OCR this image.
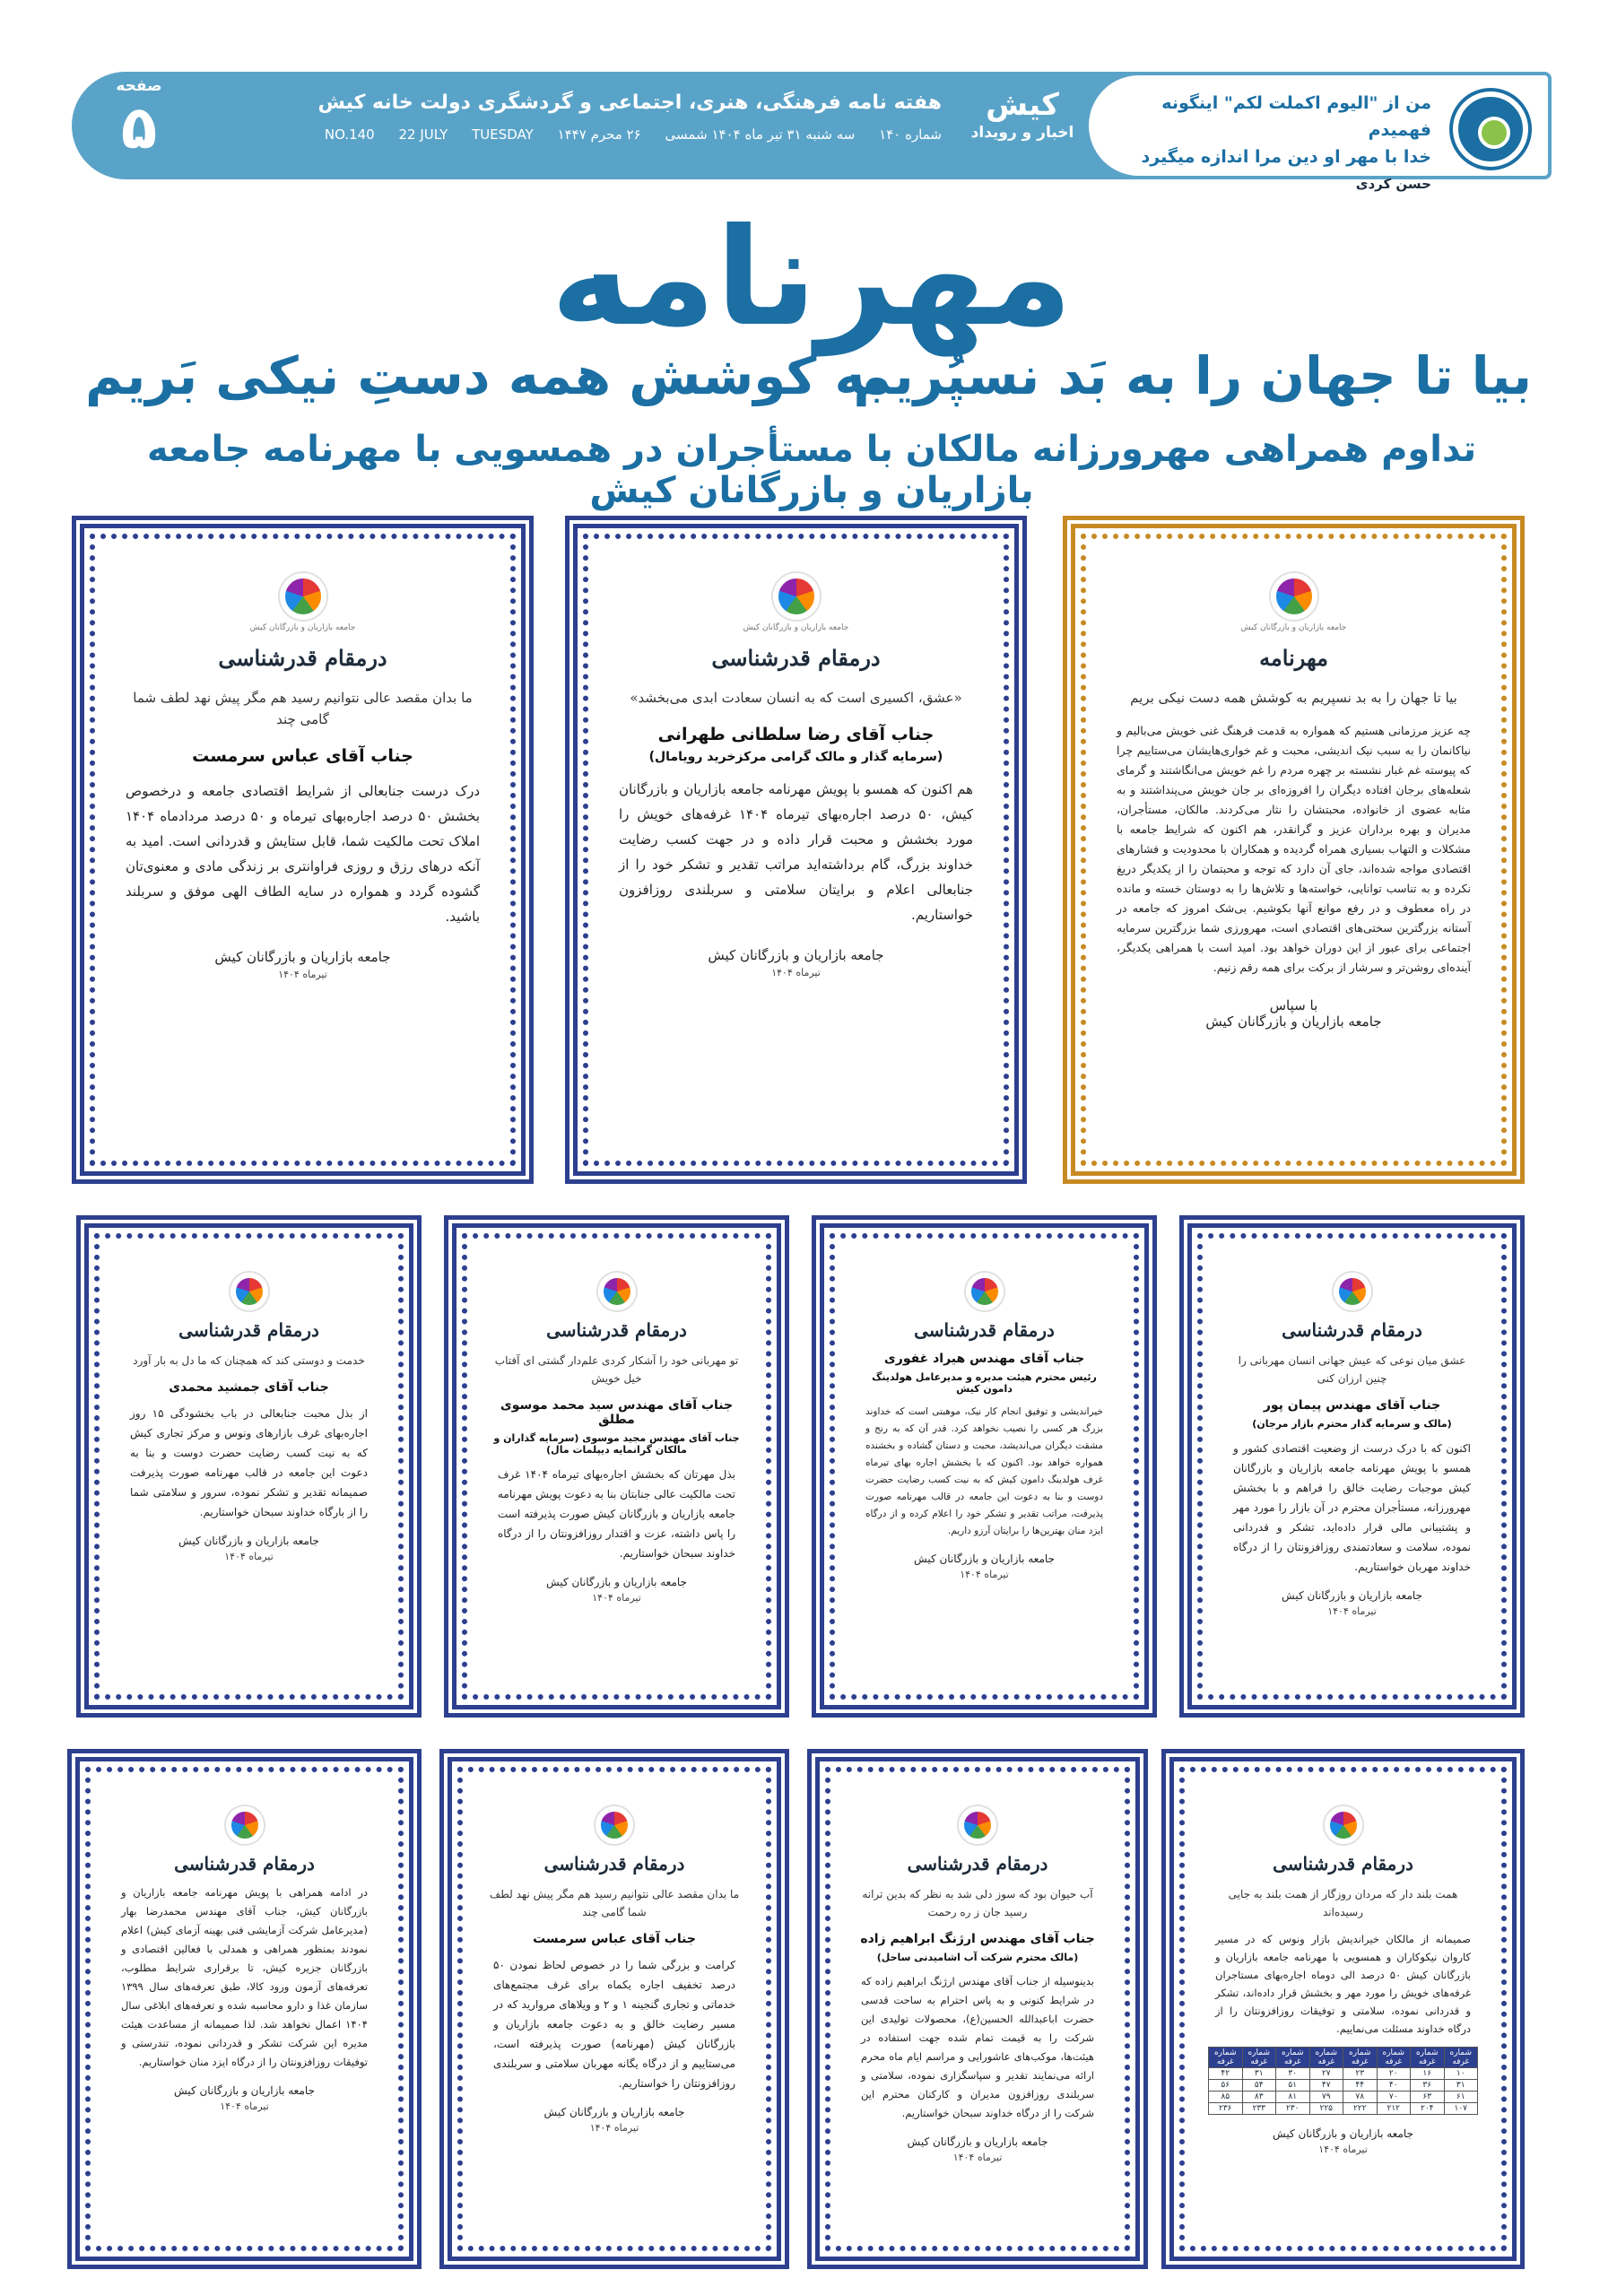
من از "الیوم اکملت لکم" اینگونه فهمیدم
خدا با مهر او دین مرا اندازه میگیرد
حسن کردی
کیش
اخبار و رویداد
هفته نامه فرهنگی، هنری، اجتماعی و گردشگری دولت خانه کیش
شماره ۱۴۰ سه شنبه ۳۱ تیر ماه ۱۴۰۴ شمسی ۲۶ محرم ۱۴۴۷ NO.140 22 JULY TUESDAY
صفحه
۵
مهرنامه
بیا تا جهان را به بَد نسپُریم
به کوشش همه دستِ نیکی بَریم
تداوم همراهی مهرورزانه مالکان با مستأجران در همسویی با مهرنامه جامعه بازاریان و بازرگانان کیش
جامعه بازاریان و بازرگانان کیش
مهرنامه
بیا تا جهان را به بد نسپریم به کوشش همه دست نیکی بریم
چه عزیز مرزمانی هستیم که همواره به قدمت فرهنگ غنی خویش می‌بالیم و نیاکانمان را به سبب نیک اندیشی، محبت و غم خواری‌هایشان می‌ستاییم چرا که پیوسته غم غبار نشسته بر چهره مردم را غم خویش می‌انگاشتند و گرمای شعله‌های برجان افتاده دیگران را افروزه‌ای بر جان خویش می‌پنداشتند و به مثابه عضوی از خانواده، محبتشان را نثار می‌کردند. مالکان، مستأجران، مدیران و بهره برداران عزیز و گرانقدر، هم اکنون که شرایط جامعه با مشکلات و التهاب بسیاری همراه گردیده و همکاران با محدودیت و فشارهای اقتصادی مواجه شده‌اند، جای آن دارد که توجه و محبتمان را از یکدیگر دریغ نکرده و به تناسب توانایی، خواسته‌ها و تلاش‌ها را به دوستان خسته و مانده در راه معطوف و در رفع موانع آنها بکوشیم. بی‌شک امروز که جامعه در آستانه بزرگترین سختی‌های اقتصادی است، مهرورزی شما بزرگترین سرمایه اجتماعی برای عبور از این دوران خواهد بود. امید است با همراهی یکدیگر، آینده‌ای روشن‌تر و سرشار از برکت برای همه رقم زنیم.
با سپاس
جامعه بازاریان و بازرگانان کیش
جامعه بازاریان و بازرگانان کیش
درمقام قدرشناسی
«عشق، اکسیری است که به انسان سعادت ابدی می‌بخشد»
جناب آقای رضا سلطانی طهرانی
(سرمایه گذار و مالک گرامی مرکزخرید رویامال)
هم اکنون که همسو با پویش مهرنامه جامعه بازاریان و بازرگانان کیش، ۵۰ درصد اجاره‌بهای تیرماه ۱۴۰۴ غرفه‌های خویش را مورد بخشش و محبت قرار داده و در جهت کسب رضایت خداوند بزرگ، گام برداشته‌اید مراتب تقدیر و تشکر خود را از جنابعالی اعلام و برایتان سلامتی و سربلندی روزافزون خواستاریم.
جامعه بازاریان و بازرگانان کیش
تیرماه ۱۴۰۴
جامعه بازاریان و بازرگانان کیش
درمقام قدرشناسی
ما بدان مقصد عالی نتوانیم رسید هم مگر پیش نهد لطف شما گامی چند
جناب آقای عباس سرمست
درک درست جنابعالی از شرایط اقتصادی جامعه و درخصوص بخشش ۵۰ درصد اجاره‌بهای تیرماه و ۵۰ درصد مردادماه ۱۴۰۴ املاک تحت مالکیت شما، قابل ستایش و قدردانی است. امید به آنکه درهای رزق و روزی فراوانتری بر زندگی مادی و معنوی‌تان گشوده گردد و همواره در سایه الطاف الهی موفق و سربلند باشید.
جامعه بازاریان و بازرگانان کیش
تیرماه ۱۴۰۴
درمقام قدرشناسی
عشق میان نوعی که عیش جهانی انسان مهربانی را چنین ارزان کنی
جناب آقای مهندس پیمان پور
(مالک و سرمایه گذار محترم بازار مرجان)
اکنون که با درک درست از وضعیت اقتصادی کشور و همسو با پویش مهرنامه جامعه بازاریان و بازرگانان کیش موجبات رضایت خالق را فراهم و با بخشش مهرورزانه، مستأجران محترم در آن بازار را مورد مهر و پشتیبانی مالی قرار داده‌اید، تشکر و قدردانی نموده، سلامت و سعادتمندی روزافزونتان را از درگاه خداوند مهربان خواستاریم.
جامعه بازاریان و بازرگانان کیش
تیرماه ۱۴۰۴
درمقام قدرشناسی
جناب آقای مهندس هیراد غفوری
رئیس محترم هیئت مدیره و مدیرعامل هولدینگ دامون کیش
خیراندیشی و توفیق انجام کار نیک، موهبتی است که خداوند بزرگ هر کسی را نصیب نخواهد کرد. قدر آن که به رنج و مشقت دیگران می‌اندیشد، محبت و دستان گشاده و بخشنده همواره خواهد بود. اکنون که با بخشش اجاره بهای تیرماه غرف هولدینگ دامون کیش که به نیت کسب رضایت حضرت دوست و بنا به دعوت این جامعه در قالب مهرنامه صورت پذیرفت، مراتب تقدیر و تشکر خود را اعلام کرده و از درگاه ایزد منان بهترین‌ها را برایتان آرزو داریم.
جامعه بازاریان و بازرگانان کیش
تیرماه ۱۴۰۴
درمقام قدرشناسی
تو مهربانی خود را آشکار کردی علم‌دار گشتی ای آفتاب خیل خویش
جناب آقای مهندس سید محمد موسوی مطلق
جناب آقای مهندس مجید موسوی (سرمایه گذاران و مالکان گرانمایه دیپلمات مال)
بذل مهرتان که بخشش اجاره‌بهای تیرماه ۱۴۰۴ غرف تحت مالکیت عالی جنابتان بنا به دعوت پویش مهرنامه جامعه بازاریان و بازرگانان کیش صورت پذیرفته است را پاس داشته، عزت و اقتدار روزافزونتان را از درگاه خداوند سبحان خواستاریم.
جامعه بازاریان و بازرگانان کیش
تیرماه ۱۴۰۴
درمقام قدرشناسی
خدمت و دوستی کند که همچنان که ما دل به بار آورد
جناب آقای جمشید محمدی
از بذل محبت جنابعالی در باب بخشودگی ۱۵ روز اجاره‌بهای غرف بازارهای ونوس و مرکز تجاری کیش که به نیت کسب رضایت حضرت دوست و بنا به دعوت این جامعه در قالب مهرنامه صورت پذیرفت صمیمانه تقدیر و تشکر نموده، سرور و سلامتی شما را از بارگاه خداوند سبحان خواستاریم.
جامعه بازاریان و بازرگانان کیش
تیرماه ۱۴۰۴
درمقام قدرشناسی
همت بلند دار که مردان روزگار از همت بلند به جایی رسیده‌اند
صمیمانه از مالکان خیراندیش بازار ونوس که در مسیر کاروان نیکوکاران و همسویی با مهرنامه جامعه بازاریان و بازرگانان کیش ۵۰ درصد الی دوماه اجاره‌بهای مستاجران غرفه‌های خویش را مورد مهر و بخشش قرار داده‌اند، تشکر و قدردانی نموده، سلامتی و توفیقات روزافزونتان را از درگاه خداوند مسئلت می‌نماییم.
شماره غرفه	شماره غرفه	شماره غرفه	شماره غرفه	شماره غرفه	شماره غرفه	شماره غرفه	شماره غرفه
۱۰	۱۶	۲۰	۲۳	۲۷	۳۰	۳۱	۴۲
۳۱	۳۶	۴۰	۴۴	۴۷	۵۱	۵۴	۵۶
۶۱	۶۳	۷۰	۷۸	۷۹	۸۱	۸۳	۸۵
۱۰۷	۲۰۴	۲۱۲	۲۲۲	۲۲۵	۲۳۰	۲۳۳	۲۳۶
جامعه بازاریان و بازرگانان کیش
تیرماه ۱۴۰۴
درمقام قدرشناسی
آب حیوان بود که سوز دلی شد به نظر که بدین ترانه رسید جان ز ره رحمت
جناب آقای مهندس ارژنگ ابراهیم زاده
(مالک محترم شرکت آب اشامیدنی ساحل)
بدینوسیله از جناب آقای مهندس ارژنگ ابراهیم زاده که در شرایط کنونی و به پاس احترام به ساحت قدسی حضرت اباعبدالله الحسین(ع)، محصولات تولیدی این شرکت را به قیمت تمام شده جهت استفاده در هیئت‌ها، موکب‌های عاشورایی و مراسم ایام ماه محرم ارائه می‌نمایند تقدیر و سپاسگزاری نموده، سلامتی و سربلندی روزافزون مدیران و کارکنان محترم این شرکت را از درگاه خداوند سبحان خواستاریم.
جامعه بازاریان و بازرگانان کیش
تیرماه ۱۴۰۴
درمقام قدرشناسی
ما بدان مقصد عالی نتوانیم رسید هم مگر پیش نهد لطف شما گامی چند
جناب آقای عباس سرمست
کرامت و بزرگی شما را در خصوص لحاظ نمودن ۵۰ درصد تخفیف اجاره یکماه برای غرف مجتمع‌های خدماتی و تجاری گنجینه ۱ و ۲ و ویلاهای مروارید که در مسیر رضایت خالق و به دعوت جامعه بازاریان و بازرگانان کیش (مهرنامه) صورت پذیرفته است، می‌ستاییم و از درگاه یگانه مهربان سلامتی و سربلندی روزافزونتان را خواستاریم.
جامعه بازاریان و بازرگانان کیش
تیرماه ۱۴۰۴
درمقام قدرشناسی
در ادامه همراهی با پویش مهرنامه جامعه بازاریان و بازرگانان کیش، جناب آقای مهندس محمدرضا بهار (مدیرعامل شرکت آزمایشی فنی بهینه آزمای کیش) اعلام نمودند بمنظور همراهی و همدلی با فعالین اقتصادی و بازرگانان جزیره کیش، تا برقراری شرایط مطلوب، تعرفه‌های آزمون ورود کالا، طبق تعرفه‌های سال ۱۳۹۹ سازمان غذا و دارو محاسبه شده و تعرفه‌های ابلاغی سال ۱۴۰۴ اعمال نخواهد شد. لذا صمیمانه از مساعدت هیئت مدیره این شرکت تشکر و قدردانی نموده، تندرستی و توفیقات روزافزونتان را از درگاه ایزد منان خواستاریم.
جامعه بازاریان و بازرگانان کیش
تیرماه ۱۴۰۴
